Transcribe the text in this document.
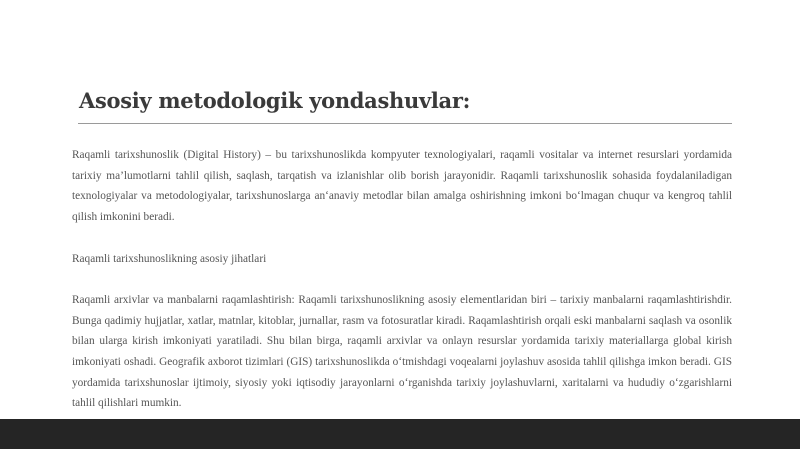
Asosiy metodologik yondashuvlar:

Raqamli tarixshunoslik (Digital History) – bu tarixshunoslikda kompyuter texnologiyalari, raqamli vositalar va internet resurslari yordamida tarixiy ma’lumotlarni tahlil qilish, saqlash, tarqatish va izlanishlar olib borish jarayonidir. Raqamli tarixshunoslik sohasida foydalaniladigan texnologiyalar va metodologiyalar, tarixshunoslarga an‘anaviy metodlar bilan amalga oshirishning imkoni bo‘lmagan chuqur va kengroq tahlil qilish imkonini beradi.

Raqamli tarixshunoslikning asosiy jihatlari

Raqamli arxivlar va manbalarni raqamlashtirish: Raqamli tarixshunoslikning asosiy elementlaridan biri – tarixiy manbalarni raqamlashtirishdir. Bunga qadimiy hujjatlar, xatlar, matnlar, kitoblar, jurnallar, rasm va fotosuratlar kiradi. Raqamlashtirish orqali eski manbalarni saqlash va osonlik bilan ularga kirish imkoniyati yaratiladi. Shu bilan birga, raqamli arxivlar va onlayn resurslar yordamida tarixiy materiallarga global kirish imkoniyati oshadi. Geografik axborot tizimlari (GIS) tarixshunoslikda o‘tmishdagi voqealarni joylashuv asosida tahlil qilishga imkon beradi. GIS yordamida tarixshunoslar ijtimoiy, siyosiy yoki iqtisodiy jarayonlarni o‘rganishda tarixiy joylashuvlarni, xaritalarni va hududiy o‘zgarishlarni tahlil qilishlari mumkin.
